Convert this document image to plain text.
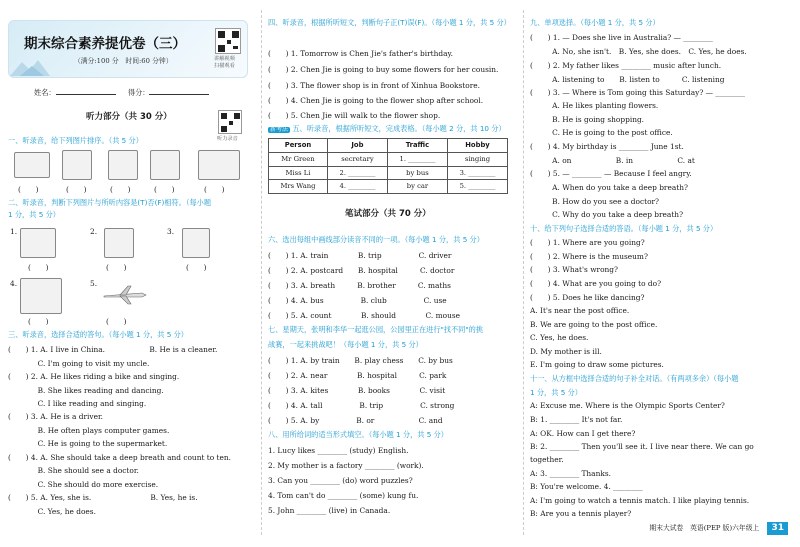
期末综合素养提优卷（三）
（满分:100 分　时间:60 分钟）	讲解视频
扫描观看
姓名：	得分：
听力部分（共 30 分）
听力录音
一、听录音，给下列图片排序。（共 5 分）
(　　)	(　　)	(　　)	(　　)	(　　)
二、听录音，判断下列图片与所听内容是(T)否(F)相符。（每小题
1 分，共 5 分）
1.
(　　)
2.
(　　)
3.
(　　)
4.
(　　)
5.
(　　)
三、听录音，选择合适的答句。（每小题 1 分，共 5 分）
(　　) 1. A. I live in China.　　　　　　B. He is a cleaner.
　　　　C. I'm going to visit my uncle.
(　　) 2. A. He likes riding a bike and singing.
　　　　B. She likes reading and dancing.
　　　　C. I like reading and singing.
(　　) 3. A. He is a driver.
　　　　B. He often plays computer games.
　　　　C. He is going to the supermarket.
(　　) 4. A. She should take a deep breath and count to ten.
　　　　B. She should see a doctor.
　　　　C. She should do more exercise.
(　　) 5. A. Yes, she is.　　　　　　　　B. Yes, he is.
　　　　C. Yes, he does.
四、听录音，根据所听短文，判断句子正(T)误(F)。（每小题 1 分，共 5 分）
(　　) 1. Tomorrow is Chen Jie's father's birthday.
(　　) 2. Chen Jie is going to buy some flowers for her cousin.
(　　) 3. The flower shop is in front of Xinhua Bookstore.
(　　) 4. Chen Jie is going to the flower shop after school.
(　　) 5. Chen Jie will walk to the flower shop.
新考法 五、听录音，根据所听短文，完成表格。（每小题 2 分，共 10 分）
Person	Job	Traffic	Hobby
Mr Green	secretary	1. ________	singing
Miss Li	2. ________	by bus	3. ________
Mrs Wang	4. ________	by car	5. ________
笔试部分（共 70 分）
六、选出每组中画线部分读音不同的一项。（每小题 1 分，共 5 分）
(　　) 1. A. train　　　　B. trip　　　　　C. driver
(　　) 2. A. postcard　　B. hospital　　　C. doctor
(　　) 3. A. breath　　　B. brother　　　C. maths
(　　) 4. A. bus　　　　　B. club　　　　　C. use
(　　) 5. A. count　　　　B. should　　　　C. mouse
七、星期天，张明和李华一起逛公园，公园里正在进行"找不同"的挑
战赛，一起来挑战吧！（每小题 1 分，共 5 分）
(　　) 1. A. by train　　B. play chess　　C. by bus
(　　) 2. A. near　　　　B. hospital　　　C. park
(　　) 3. A. kites　　　　B. books　　　　C. visit
(　　) 4. A. tall　　　　　B. trip　　　　　C. strong
(　　) 5. A. by　　　　　B. or　　　　　　C. and
八、用所给词的适当形式填空。（每小题 1 分，共 5 分）
1. Lucy likes ________ (study) English.
2. My mother is a factory ________ (work).
3. Can you ________ (do) word puzzles?
4. Tom can't do ________ (some) kung fu.
5. John ________ (live) in Canada.
九、单项选择。（每小题 1 分，共 5 分）
(　　) 1. — Does she live in Australia? — ________
　　　A. No, she isn't.　B. Yes, she does.　C. Yes, he does.
(　　) 2. My father likes ________ music after lunch.
　　　A. listening to　　B. listen to　　　C. listening
(　　) 3. — Where is Tom going this Saturday? — ________
　　　A. He likes planting flowers.
　　　B. He is going shopping.
　　　C. He is going to the post office.
(　　) 4. My birthday is ________ June 1st.
　　　A. on　　　　　　B. in　　　　　　C. at
(　　) 5. — ________ — Because I feel angry.
　　　A. When do you take a deep breath?
　　　B. How do you see a doctor?
　　　C. Why do you take a deep breath?
十、给下列句子选择合适的答语。（每小题 1 分，共 5 分）
(　　) 1. Where are you going?
(　　) 2. Where is the museum?
(　　) 3. What's wrong?
(　　) 4. What are you going to do?
(　　) 5. Does he like dancing?
A. It's near the post office.
B. We are going to the post office.
C. Yes, he does.
D. My mother is ill.
E. I'm going to draw some pictures.
十一、从方框中选择合适的句子补全对话。（有两项多余）（每小题
1 分，共 5 分）
A: Excuse me. Where is the Olympic Sports Center?
B: 1. ________ It's not far.
A: OK. How can I get there?
B: 2. ________ Then you'll see it. I live near there. We can go
together.
A: 3. ________ Thanks.
B: You're welcome. 4. ________
A: I'm going to watch a tennis match. I like playing tennis.
B: Are you a tennis player?
期末大试卷　英语(PEP 版)六年级上 31
